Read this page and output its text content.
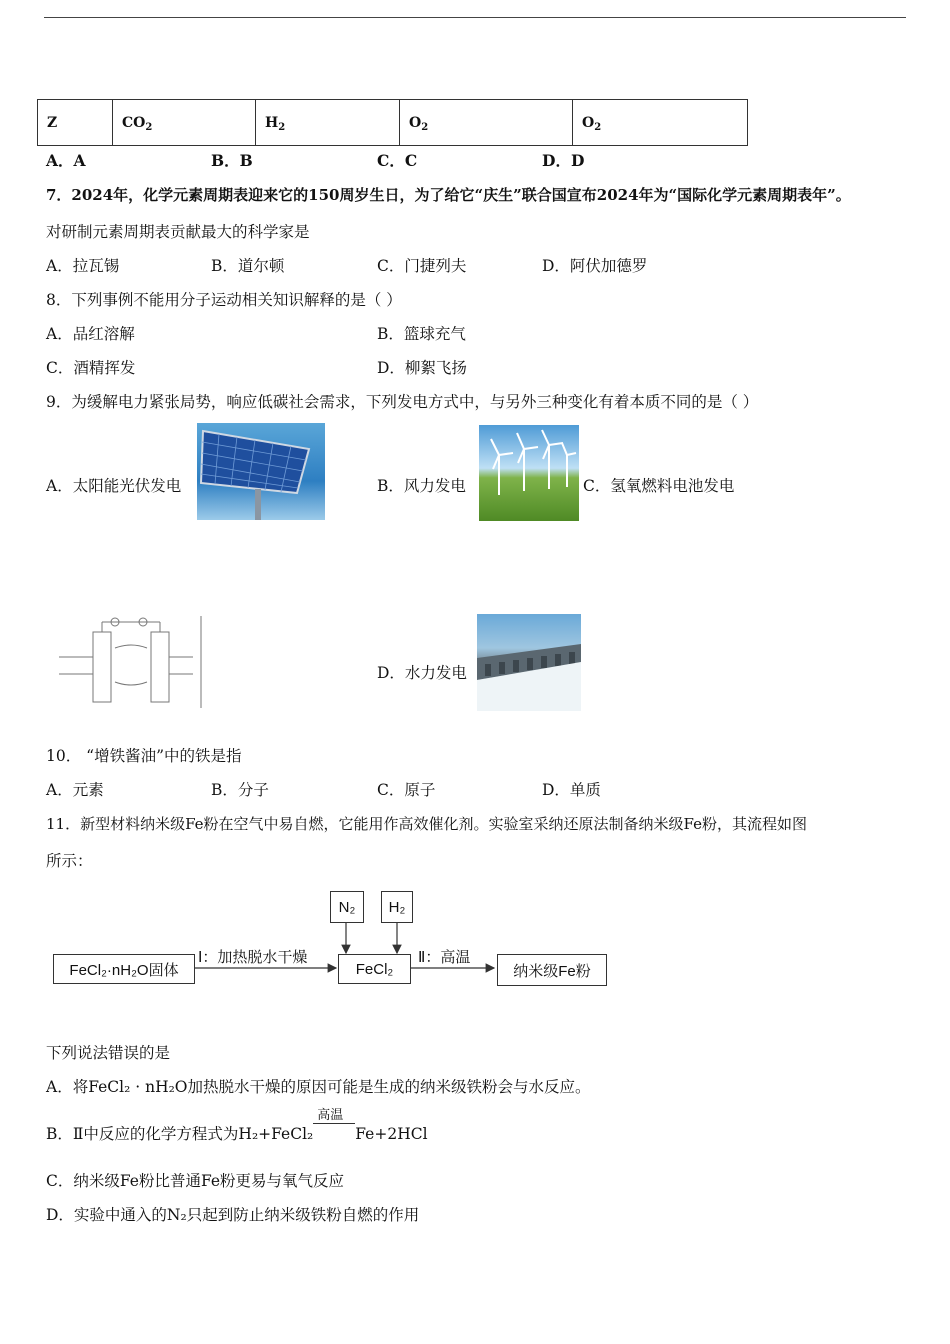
Z	$CO_2$	$H_2$	$O_2$	$O_2$
A．A	B．B	C．C	D．D
7．2024年，化学元素周期表迎来它的150周岁生日，为了给它“庆生”联合国宣布2024年为“国际化学元素周期表年”。
对研制元素周期表贡献最大的科学家是
A．拉瓦锡	B．道尔顿	C．门捷列夫	D．阿伏加德罗
8．下列事例不能用分子运动相关知识解释的是（ ）
A．品红溶解	B．篮球充气
C．酒精挥发	D．柳絮飞扬
9．为缓解电力紧张局势，响应低碳社会需求，下列发电方式中，与另外三种变化有着本质不同的是（ ）
A．太阳能光伏发电	B．风力发电	C．氢氧燃料电池发电
D．水力发电
10． “增铁酱油”中的铁是指
A．元素	B．分子	C．原子	D．单质
11．新型材料纳米级Fe粉在空气中易自燃，它能用作高效催化剂。实验室采纳还原法制备纳米级Fe粉，其流程如图
所示：
FeCl₂·nH₂O固体
Ⅰ：加热脱水干燥
N₂	H₂
FeCl₂
Ⅱ：高温
纳米级Fe粉
下列说法错误的是
A．将FeCl₂ · nH₂O加热脱水干燥的原因可能是生成的纳米级铁粉会与水反应。
B．Ⅱ中反应的化学方程式为H₂+FeCl₂
高温
Fe+2HCl
C．纳米级Fe粉比普通Fe粉更易与氧气反应
D．实验中通入的N₂只起到防止纳米级铁粉自燃的作用
